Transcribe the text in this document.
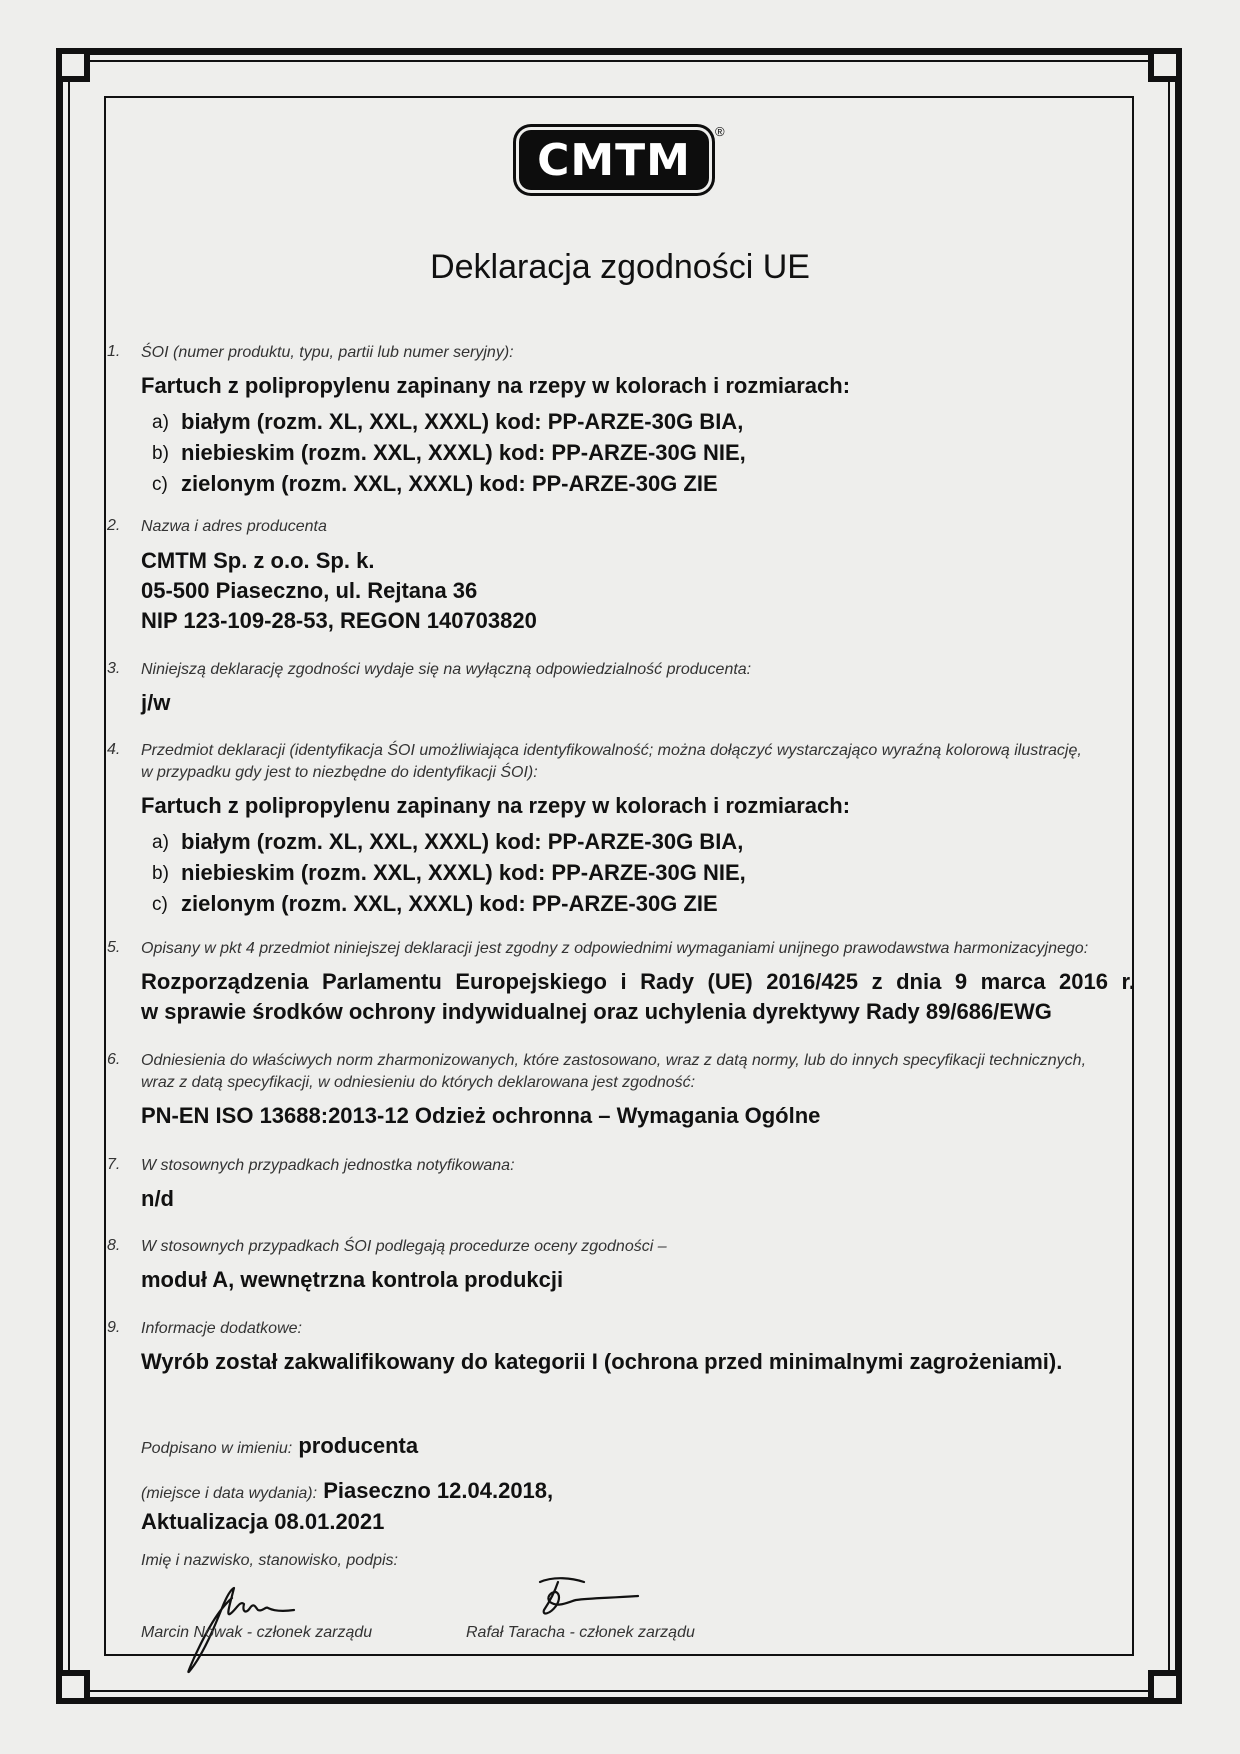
CMTM
®
Deklaracja zgodności UE
1. ŚOI (numer produktu, typu, partii lub numer seryjny):
Fartuch z polipropylenu zapinany na rzepy w kolorach i rozmiarach:
a) białym (rozm. XL, XXL, XXXL) kod: PP-ARZE-30G BIA,
b) niebieskim (rozm. XXL, XXXL) kod: PP-ARZE-30G NIE,
c) zielonym (rozm. XXL, XXXL) kod: PP-ARZE-30G ZIE
2. Nazwa i adres producenta
CMTM Sp. z o.o. Sp. k.
05-500 Piaseczno, ul. Rejtana 36
NIP 123-109-28-53, REGON 140703820
3. Niniejszą deklarację zgodności wydaje się na wyłączną odpowiedzialność producenta:
j/w
4. Przedmiot deklaracji (identyfikacja ŚOI umożliwiająca identyfikowalność; można dołączyć wystarczająco wyraźną kolorową ilustrację,
w przypadku gdy jest to niezbędne do identyfikacji ŚOI):
Fartuch z polipropylenu zapinany na rzepy w kolorach i rozmiarach:
a) białym (rozm. XL, XXL, XXXL) kod: PP-ARZE-30G BIA,
b) niebieskim (rozm. XXL, XXXL) kod: PP-ARZE-30G NIE,
c) zielonym (rozm. XXL, XXXL) kod: PP-ARZE-30G ZIE
5. Opisany w pkt 4 przedmiot niniejszej deklaracji jest zgodny z odpowiednimi wymaganiami unijnego prawodawstwa harmonizacyjnego:
Rozporządzenia Parlamentu Europejskiego i Rady (UE) 2016/425 z dnia 9 marca 2016 r.
w sprawie środków ochrony indywidualnej oraz uchylenia dyrektywy Rady 89/686/EWG
6. Odniesienia do właściwych norm zharmonizowanych, które zastosowano, wraz z datą normy, lub do innych specyfikacji technicznych,
wraz z datą specyfikacji, w odniesieniu do których deklarowana jest zgodność:
PN-EN ISO 13688:2013-12 Odzież ochronna – Wymagania Ogólne
7. W stosownych przypadkach jednostka notyfikowana:
n/d
8. W stosownych przypadkach ŚOI podlegają procedurze oceny zgodności –
moduł A, wewnętrzna kontrola produkcji
9. Informacje dodatkowe:
Wyrób został zakwalifikowany do kategorii I (ochrona przed minimalnymi zagrożeniami).
Podpisano w imieniu: producenta
(miejsce i data wydania): Piaseczno 12.04.2018,
Aktualizacja 08.01.2021
Imię i nazwisko, stanowisko, podpis:
Marcin Nowak - członek zarządu	Rafał Taracha - członek zarządu
